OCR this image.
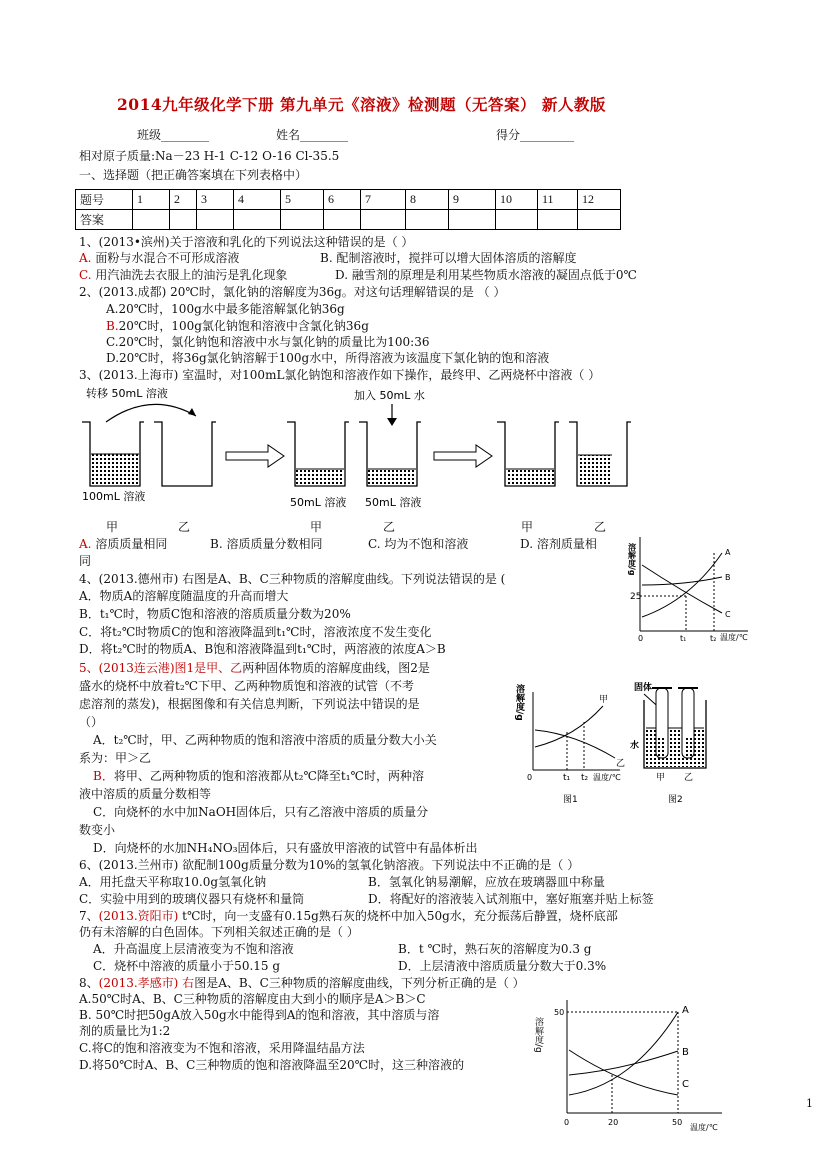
2014九年级化学下册 第九单元《溶液》检测题（无答案） 新人教版
班级________	姓名________	得分_________
相对原子质量:Na－23 H-1 C-12 O-16 Cl-35.5
一、选择题（把正确答案填在下列表格中）
题号	1	2	3	4	5	6	7	8	9	10	11	12
答案												
1、(2013•滨州)关于溶液和乳化的下列说法这种错误的是（ ）
A. 面粉与水混合不可形成溶液	B. 配制溶液时，搅拌可以增大固体溶质的溶解度
C. 用汽油洗去衣服上的油污是乳化现象	D. 融雪剂的原理是利用某些物质水溶液的凝固点低于0℃
2、(2013.成都) 20℃时，氯化钠的溶解度为36g。对这句话理解错误的是 （ ）
A.20℃时，100g水中最多能溶解氯化钠36g
B.20℃时，100g氯化钠饱和溶液中含氯化钠36g
C.20℃时，氯化钠饱和溶液中水与氯化钠的质量比为100:36
D.20℃时，将36g氯化钠溶解于100g水中，所得溶液为该温度下氯化钠的饱和溶液
3、(2013.上海市) 室温时，对100mL氯化钠饱和溶液作如下操作，最终甲、乙两烧杯中溶液（ ）
转移 50mL 溶液	加入 50mL 水
100mL 溶液	50mL 溶液 50mL 溶液
甲	乙	甲	乙	甲	乙
A. 溶质质量相同	B. 溶质质量分数相同	C. 均为不饱和溶液	D. 溶剂质量相
同
4、(2013.德州市) 右图是A、B、C三种物质的溶解度曲线。下列说法错误的是 (
A．物质A的溶解度随温度的升高而增大
B．t₁℃时，物质C饱和溶液的溶质质量分数为20%
C．将t₂℃时物质C的饱和溶液降温到t₁℃时，溶液浓度不发生变化
D．将t₂℃时的物质A、B饱和溶液降温到t₁℃时，两溶液的浓度A＞B
溶解度/g
温度/℃
25
0	t₁	t₂
A
B
C
5、(2013连云港)图1是甲、乙两种固体物质的溶解度曲线，图2是
盛水的烧杯中放着t₂℃下甲、乙两种物质饱和溶液的试管（不考
虑溶剂的蒸发)，根据图像和有关信息判断，下列说法中错误的是
（）
A．t₂℃时，甲、乙两种物质的饱和溶液中溶质的质量分数大小关
系为：甲＞乙
B．将甲、乙两种物质的饱和溶液都从t₂℃降至t₁℃时，两种溶
液中溶质的质量分数相等
C．向烧杯的水中加NaOH固体后，只有乙溶液中溶质的质量分
数变小
D．向烧杯的水加NH₄NO₃固体后，只有盛放甲溶液的试管中有晶体析出
溶解度/g
0	t₁ t₂ 温度/℃
甲
乙
图1
固体
水
甲 乙
图2
6、(2013.兰州市) 欲配制100g质量分数为10%的氢氧化钠溶液。下列说法中不正确的是（ ）
A．用托盘天平称取10.0g氢氧化钠	B．氢氧化钠易潮解，应放在玻璃器皿中称量
C．实验中用到的玻璃仪器只有烧杯和量筒	D．将配好的溶液装入试剂瓶中，塞好瓶塞并贴上标签
7、(2013.资阳市) t℃时，向一支盛有0.15g熟石灰的烧杯中加入50g水，充分振荡后静置，烧杯底部
仍有未溶解的白色固体。下列相关叙述正确的是（ ）
A．升高温度上层清液变为不饱和溶液	B．t ℃时，熟石灰的溶解度为0.3 g
C．烧杯中溶液的质量小于50.15 g	D．上层清液中溶质质量分数大于0.3%
8、(2013.孝感市) 右图是A、B、C三种物质的溶解度曲线，下列分析正确的是（ ）
A.50℃时A、B、C三种物质的溶解度由大到小的顺序是A＞B＞C
B. 50℃时把50gA放入50g水中能得到A的饱和溶液，其中溶质与溶
剂的质量比为1:2
C.将C的饱和溶液变为不饱和溶液，采用降温结晶方法
D.将50℃时A、B、C三种物质的饱和溶液降温至20℃时，这三种溶液的
溶解度/g
50
0	20	50
温度/℃
A
B
C
1
